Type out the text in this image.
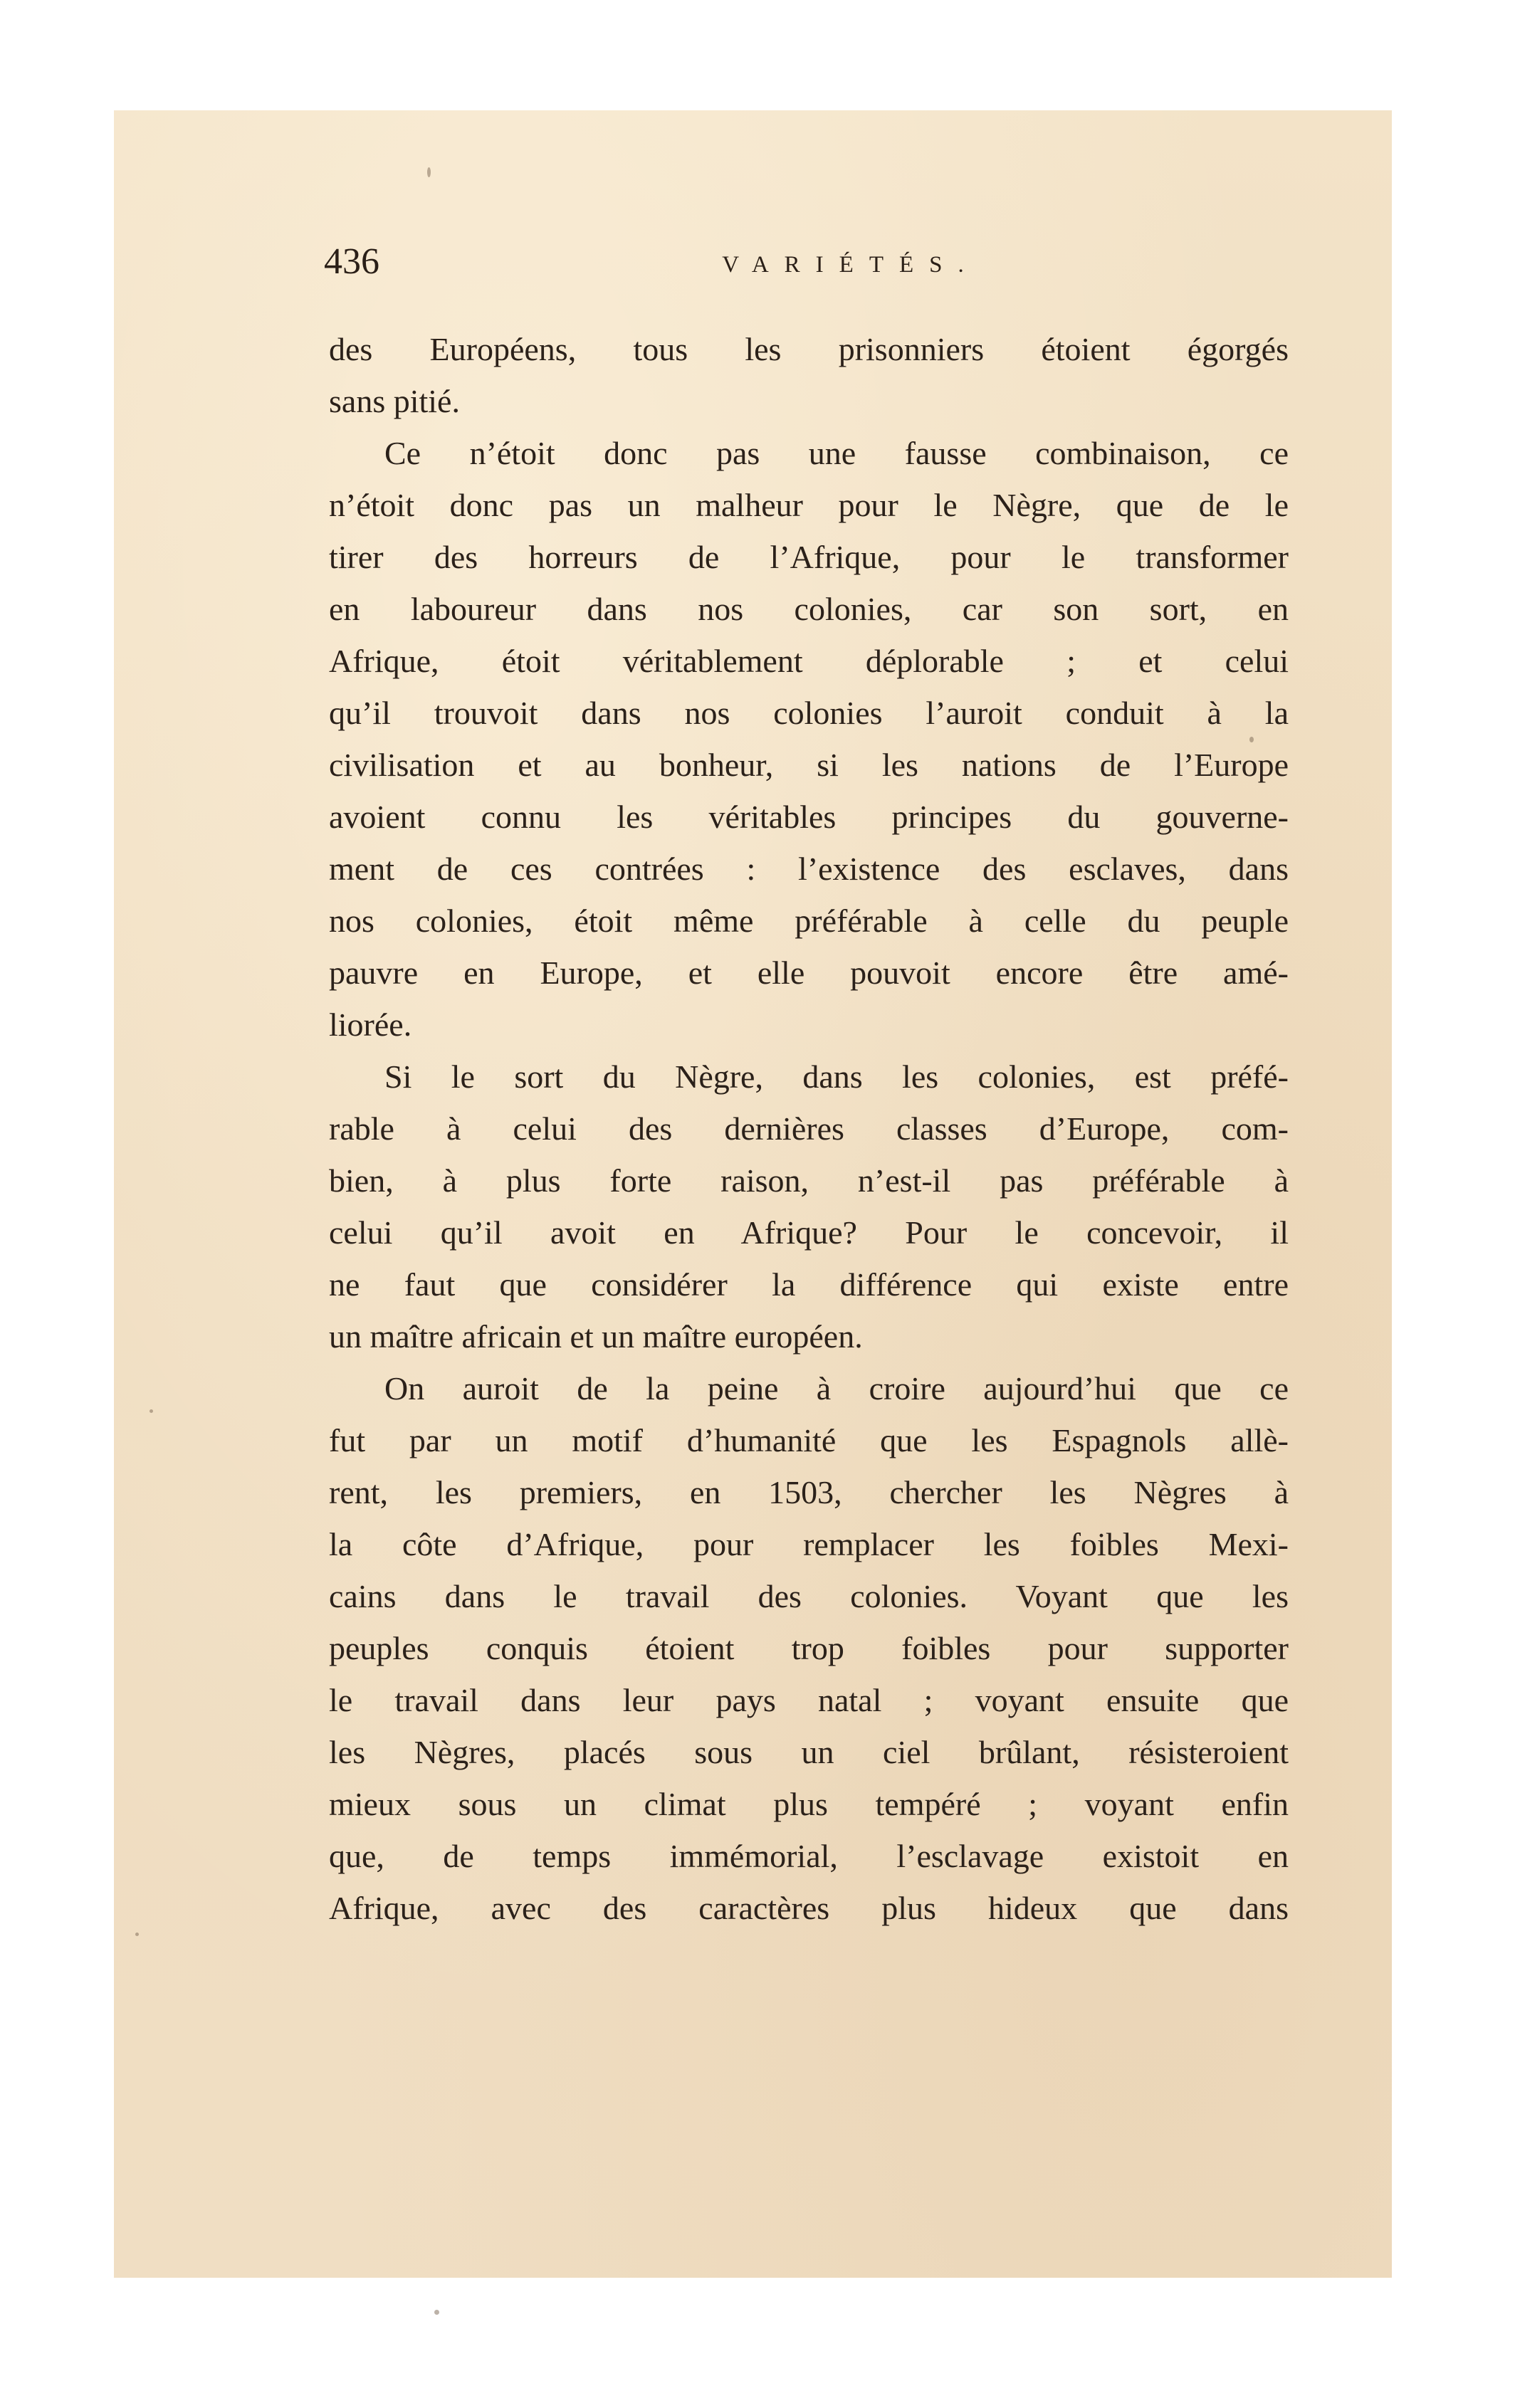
436	VARIÉTÉS.
des Européens, tous les prisonniers étoient égorgés
sans pitié.
Ce n’étoit donc pas une fausse combinaison, ce
n’étoit donc pas un malheur pour le Nègre, que de le
tirer des horreurs de l’Afrique, pour le transformer
en laboureur dans nos colonies, car son sort, en
Afrique, étoit véritablement déplorable ; et celui
qu’il trouvoit dans nos colonies l’auroit conduit à la
civilisation et au bonheur, si les nations de l’Europe
avoient connu les véritables principes du gouverne-
ment de ces contrées : l’existence des esclaves, dans
nos colonies, étoit même préférable à celle du peuple
pauvre en Europe, et elle pouvoit encore être amé-
liorée.
Si le sort du Nègre, dans les colonies, est préfé-
rable à celui des dernières classes d’Europe, com-
bien, à plus forte raison, n’est-il pas préférable à
celui qu’il avoit en Afrique? Pour le concevoir, il
ne faut que considérer la différence qui existe entre
un maître africain et un maître européen.
On auroit de la peine à croire aujourd’hui que ce
fut par un motif d’humanité que les Espagnols allè-
rent, les premiers, en 1503, chercher les Nègres à
la côte d’Afrique, pour remplacer les foibles Mexi-
cains dans le travail des colonies. Voyant que les
peuples conquis étoient trop foibles pour supporter
le travail dans leur pays natal ; voyant ensuite que
les Nègres, placés sous un ciel brûlant, résisteroient
mieux sous un climat plus tempéré ; voyant enfin
que, de temps immémorial, l’esclavage existoit en
Afrique, avec des caractères plus hideux que dans
